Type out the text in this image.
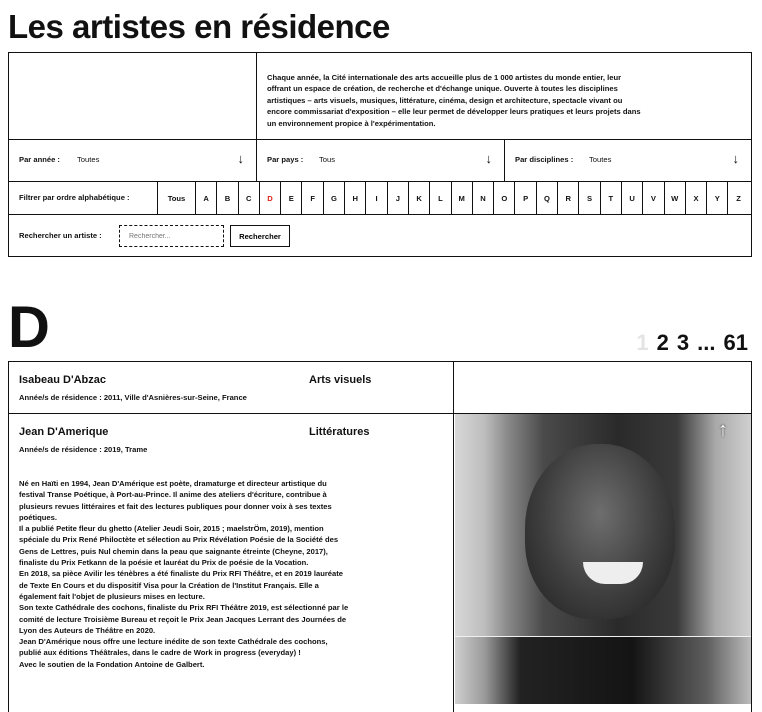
Les artistes en résidence
Chaque année, la Cité internationale des arts accueille plus de 1 000 artistes du monde entier, leur offrant un espace de création, de recherche et d'échange unique. Ouverte à toutes les disciplines artistiques – arts visuels, musiques, littérature, cinéma, design et architecture, spectacle vivant ou encore commissariat d'exposition – elle leur permet de développer leurs pratiques et leurs projets dans un environnement propice à l'expérimentation.
Par année : Toutes	↓	Par pays : Tous	↓	Par disciplines : Toutes	↓
Filtrer par ordre alphabétique :	Tous	A	B	C	D	E	F	G	H	I	J	K	L	M	N	O	P	Q	R	S	T	U	V	W	X	Y	Z
Rechercher un artiste :
Rechercher...	Rechercher
D	1 2 3 ... 61
Isabeau D'Abzac	Arts visuels
Année/s de résidence : 2011, Ville d'Asnières-sur-Seine, France
Jean D'Amerique	Littératures
Année/s de résidence : 2019, Trame

Né en Haïti en 1994, Jean D'Amérique est poète, dramaturge et directeur artistique du festival Transe Poétique, à Port-au-Prince. Il anime des ateliers d'écriture, contribue à plusieurs revues littéraires et fait des lectures publiques pour donner voix à ses textes poétiques.

Il a publié Petite fleur du ghetto (Atelier Jeudi Soir, 2015 ; maelstrÖm, 2019), mention spéciale du Prix René Philoctète et sélection au Prix Révélation Poésie de la Société des Gens de Lettres, puis Nul chemin dans la peau que saignante étreinte (Cheyne, 2017), finaliste du Prix Fetkann de la poésie et lauréat du Prix de poésie de la Vocation.

En 2018, sa pièce Avilir les ténèbres a été finaliste du Prix RFI Théâtre, et en 2019 lauréate de Texte En Cours et du dispositif Visa pour la Création de l'Institut Français. Elle a également fait l'objet de plusieurs mises en lecture.

Son texte Cathédrale des cochons, finaliste du Prix RFI Théâtre 2019, est sélectionné par le comité de lecture Troisième Bureau et reçoit le Prix Jean Jacques Lerrant des Journées de Lyon des Auteurs de Théâtre en 2020.

Jean D'Amérique nous offre une lecture inédite de son texte Cathédrale des cochons, publié aux éditions Théâtrales, dans le cadre de Work in progress (everyday) !

Avec le soutien de la Fondation Antoine de Galbert.

↑
